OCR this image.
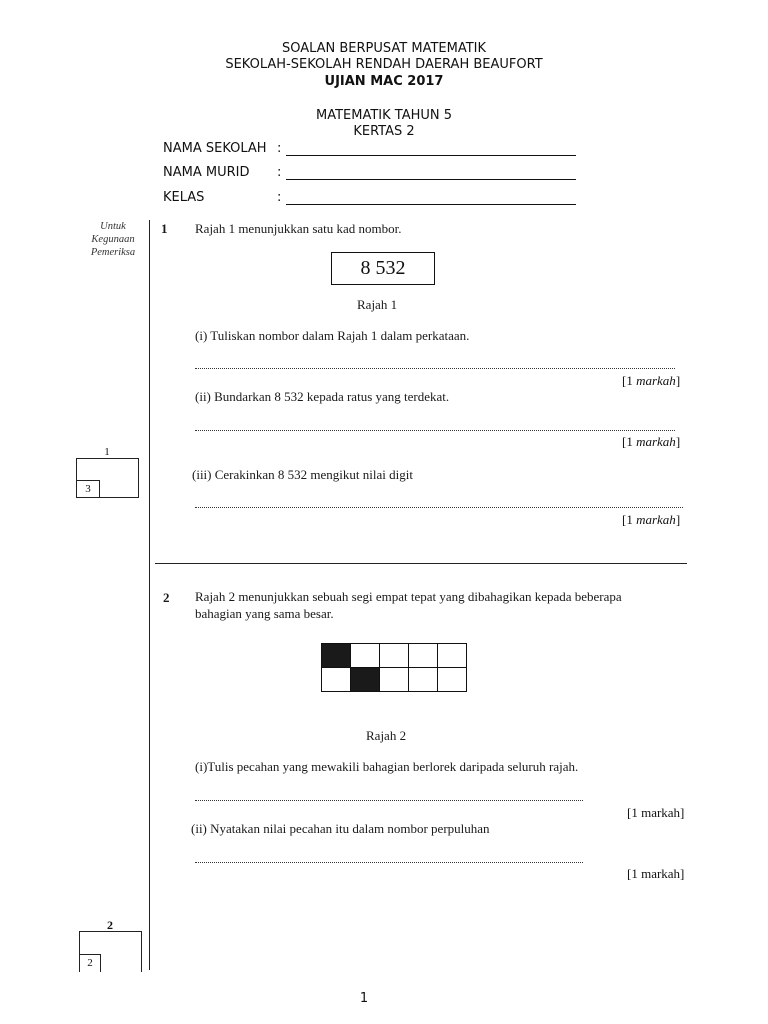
SOALAN BERPUSAT MATEMATIK
SEKOLAH-SEKOLAH RENDAH DAERAH BEAUFORT
UJIAN MAC 2017
MATEMATIK TAHUN 5
KERTAS 2
NAMA SEKOLAH :
NAMA MURID :
KELAS	:
Untuk
Kegunaan
Pemeriksa
1
3
1 Rajah 1 menunjukkan satu kad nombor.
8 532
Rajah 1
(i) Tuliskan nombor dalam Rajah 1 dalam perkataan.
[1 markah]
(ii) Bundarkan 8 532 kepada ratus yang terdekat.
[1 markah]
(iii) Cerakinkan 8 532 mengikut nilai digit
[1 markah]
2 Rajah 2 menunjukkan sebuah segi empat tepat yang dibahagikan kepada beberapa
bahagian yang sama besar.
Rajah 2
(i)Tulis pecahan yang mewakili bahagian berlorek daripada seluruh rajah.
[1 markah]
(ii) Nyatakan nilai pecahan itu dalam nombor perpuluhan
[1 markah]
2
2
1
